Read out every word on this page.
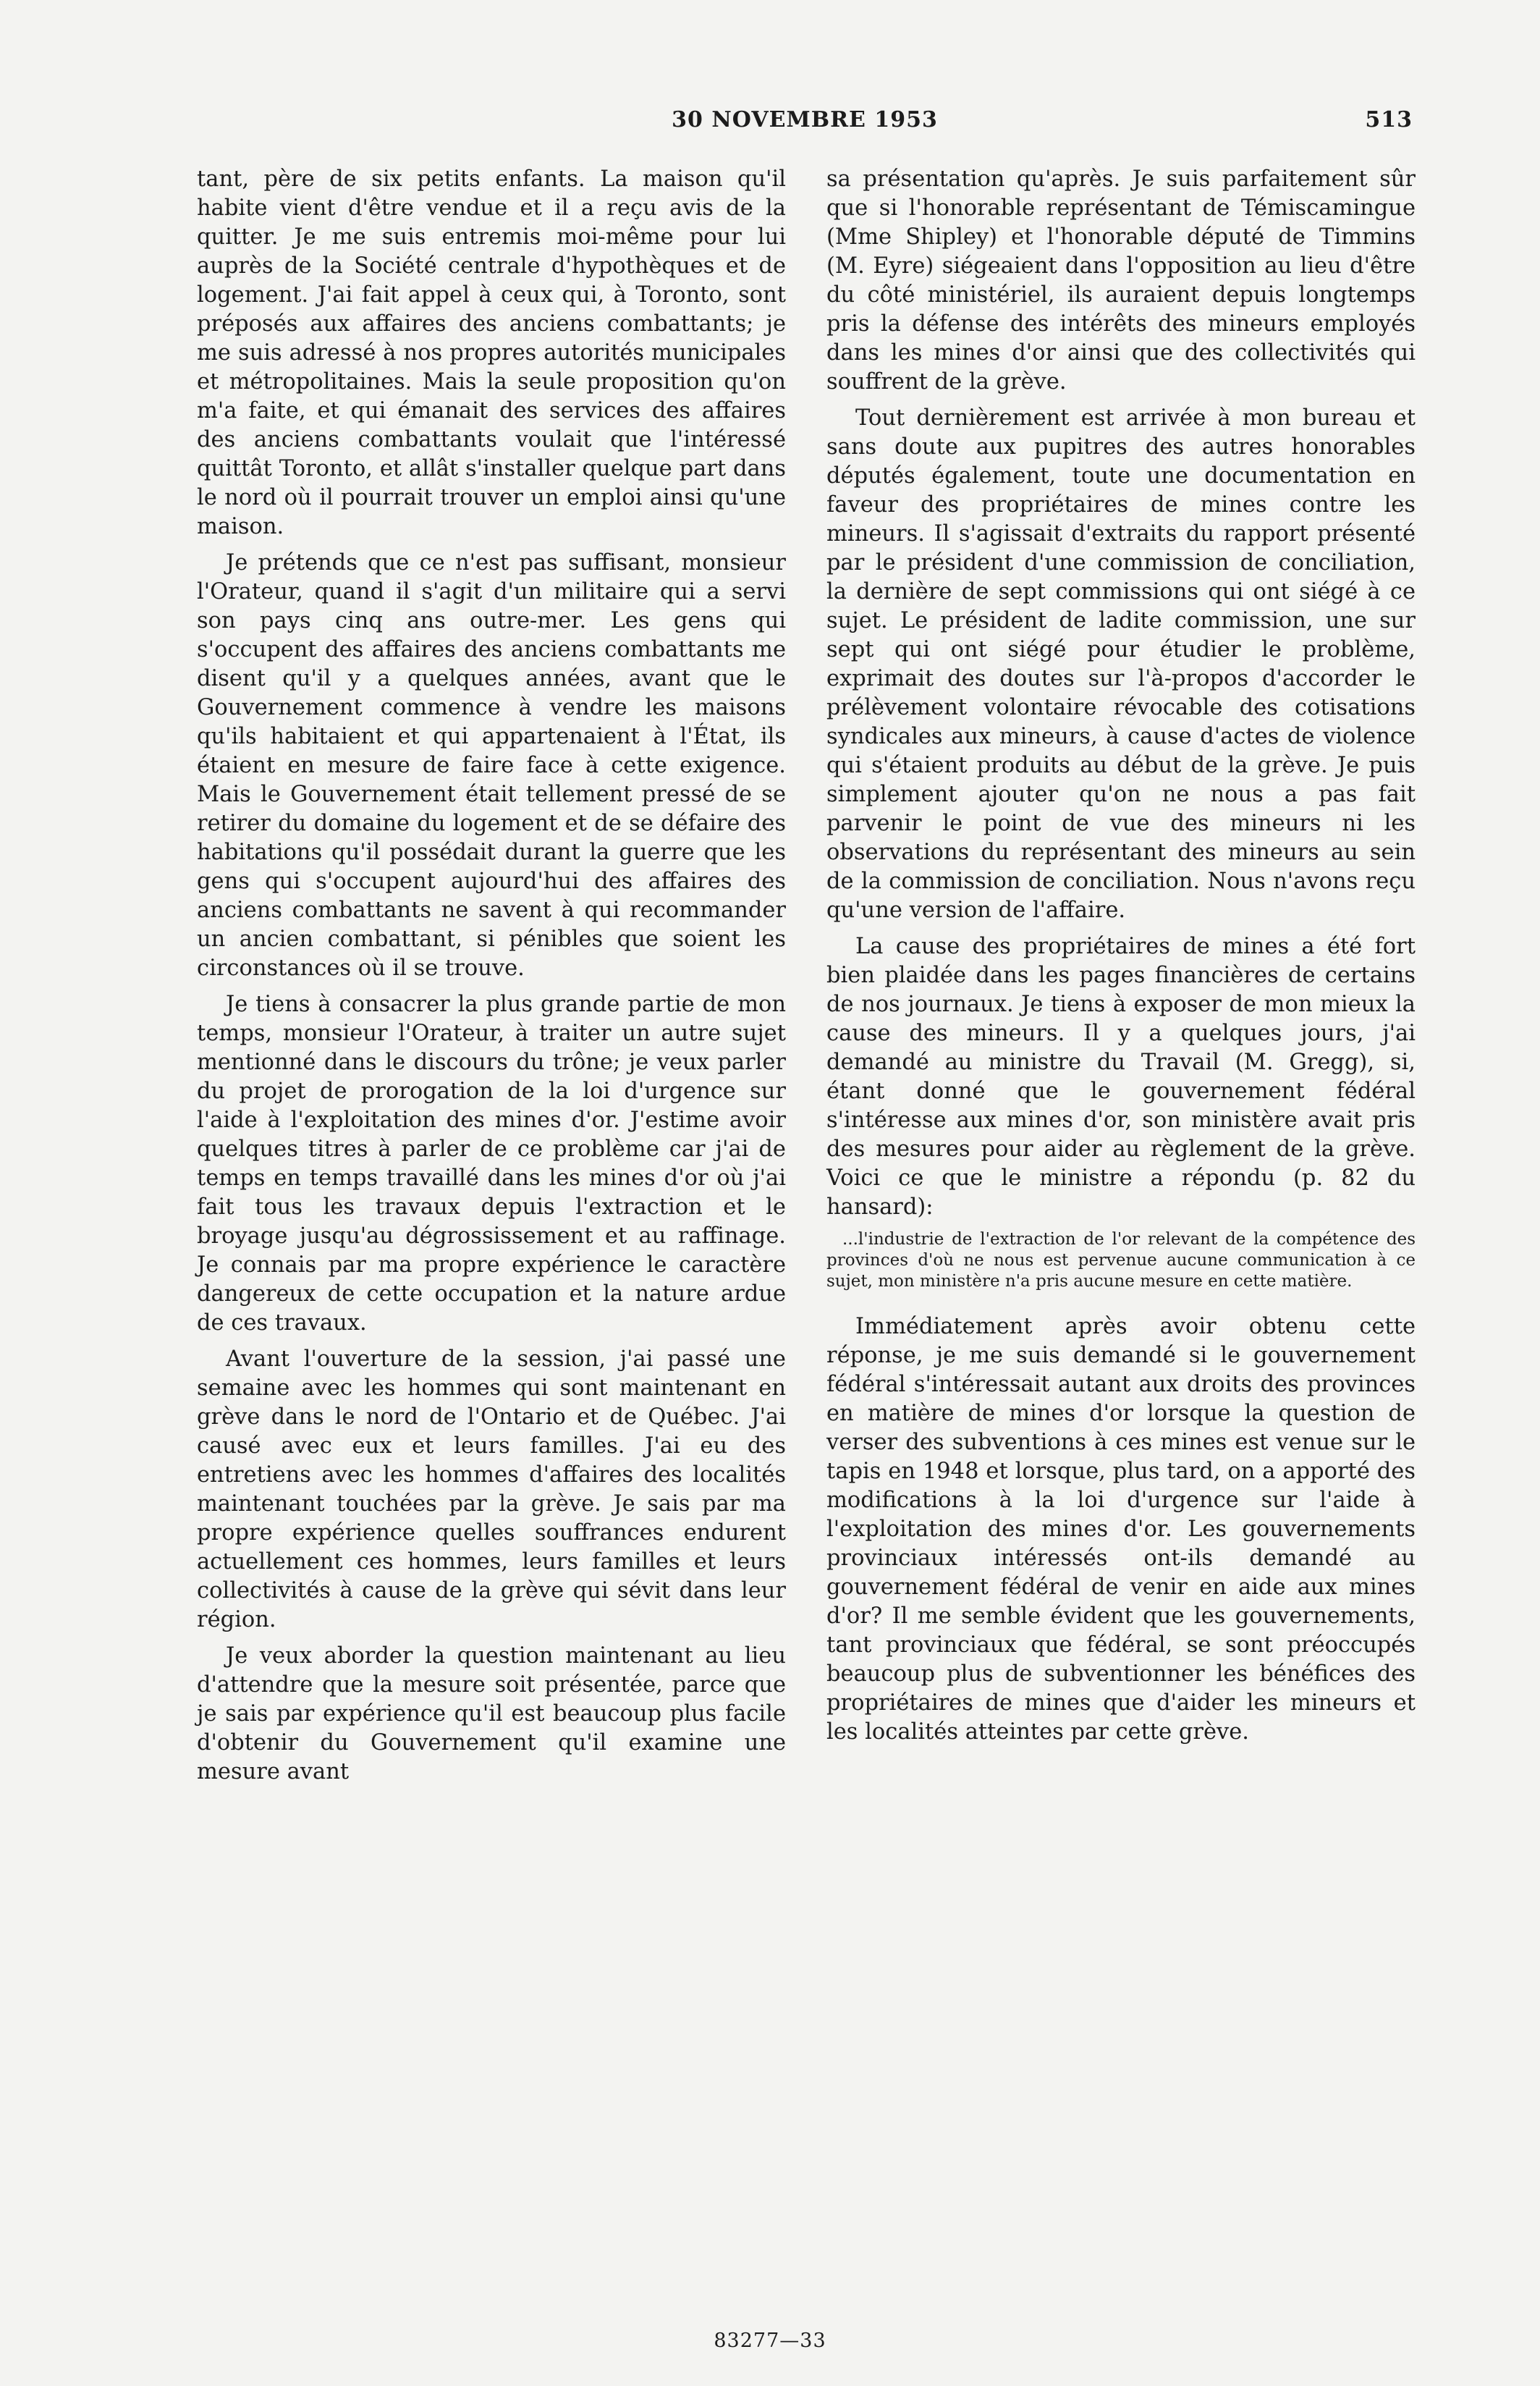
30 NOVEMBRE 1953	513

tant, père de six petits enfants. La maison qu'il habite vient d'être vendue et il a reçu avis de la quitter. Je me suis entremis moi-même pour lui auprès de la Société centrale d'hypothèques et de logement. J'ai fait appel à ceux qui, à Toronto, sont préposés aux affaires des anciens combattants; je me suis adressé à nos propres autorités municipales et métropolitaines. Mais la seule proposition qu'on m'a faite, et qui émanait des services des affaires des anciens combattants voulait que l'intéressé quittât Toronto, et allât s'installer quelque part dans le nord où il pourrait trouver un emploi ainsi qu'une maison.

Je prétends que ce n'est pas suffisant, monsieur l'Orateur, quand il s'agit d'un militaire qui a servi son pays cinq ans outre-mer. Les gens qui s'occupent des affaires des anciens combattants me disent qu'il y a quelques années, avant que le Gouvernement commence à vendre les maisons qu'ils habitaient et qui appartenaient à l'État, ils étaient en mesure de faire face à cette exigence. Mais le Gouvernement était tellement pressé de se retirer du domaine du logement et de se défaire des habitations qu'il possédait durant la guerre que les gens qui s'occupent aujourd'hui des affaires des anciens combattants ne savent à qui recommander un ancien combattant, si pénibles que soient les circonstances où il se trouve.

Je tiens à consacrer la plus grande partie de mon temps, monsieur l'Orateur, à traiter un autre sujet mentionné dans le discours du trône; je veux parler du projet de prorogation de la loi d'urgence sur l'aide à l'exploitation des mines d'or. J'estime avoir quelques titres à parler de ce problème car j'ai de temps en temps travaillé dans les mines d'or où j'ai fait tous les travaux depuis l'extraction et le broyage jusqu'au dégrossissement et au raffinage. Je connais par ma propre expérience le caractère dangereux de cette occupation et la nature ardue de ces travaux.

Avant l'ouverture de la session, j'ai passé une semaine avec les hommes qui sont maintenant en grève dans le nord de l'Ontario et de Québec. J'ai causé avec eux et leurs familles. J'ai eu des entretiens avec les hommes d'affaires des localités maintenant touchées par la grève. Je sais par ma propre expérience quelles souffrances endurent actuellement ces hommes, leurs familles et leurs collectivités à cause de la grève qui sévit dans leur région.

Je veux aborder la question maintenant au lieu d'attendre que la mesure soit présentée, parce que je sais par expérience qu'il est beaucoup plus facile d'obtenir du Gouvernement qu'il examine une mesure avant

sa présentation qu'après. Je suis parfaitement sûr que si l'honorable représentant de Témiscamingue (Mme Shipley) et l'honorable député de Timmins (M. Eyre) siégeaient dans l'opposition au lieu d'être du côté ministériel, ils auraient depuis longtemps pris la défense des intérêts des mineurs employés dans les mines d'or ainsi que des collectivités qui souffrent de la grève.

Tout dernièrement est arrivée à mon bureau et sans doute aux pupitres des autres honorables députés également, toute une documentation en faveur des propriétaires de mines contre les mineurs. Il s'agissait d'extraits du rapport présenté par le président d'une commission de conciliation, la dernière de sept commissions qui ont siégé à ce sujet. Le président de ladite commission, une sur sept qui ont siégé pour étudier le problème, exprimait des doutes sur l'à-propos d'accorder le prélèvement volontaire révocable des cotisations syndicales aux mineurs, à cause d'actes de violence qui s'étaient produits au début de la grève. Je puis simplement ajouter qu'on ne nous a pas fait parvenir le point de vue des mineurs ni les observations du représentant des mineurs au sein de la commission de conciliation. Nous n'avons reçu qu'une version de l'affaire.

La cause des propriétaires de mines a été fort bien plaidée dans les pages financières de certains de nos journaux. Je tiens à exposer de mon mieux la cause des mineurs. Il y a quelques jours, j'ai demandé au ministre du Travail (M. Gregg), si, étant donné que le gouvernement fédéral s'intéresse aux mines d'or, son ministère avait pris des mesures pour aider au règlement de la grève. Voici ce que le ministre a répondu (p. 82 du hansard):

...l'industrie de l'extraction de l'or relevant de la compétence des provinces d'où ne nous est pervenue aucune communication à ce sujet, mon ministère n'a pris aucune mesure en cette matière.

Immédiatement après avoir obtenu cette réponse, je me suis demandé si le gouvernement fédéral s'intéressait autant aux droits des provinces en matière de mines d'or lorsque la question de verser des subventions à ces mines est venue sur le tapis en 1948 et lorsque, plus tard, on a apporté des modifications à la loi d'urgence sur l'aide à l'exploitation des mines d'or. Les gouvernements provinciaux intéressés ont-ils demandé au gouvernement fédéral de venir en aide aux mines d'or? Il me semble évident que les gouvernements, tant provinciaux que fédéral, se sont préoccupés beaucoup plus de subventionner les bénéfices des propriétaires de mines que d'aider les mineurs et les localités atteintes par cette grève.

83277—33
